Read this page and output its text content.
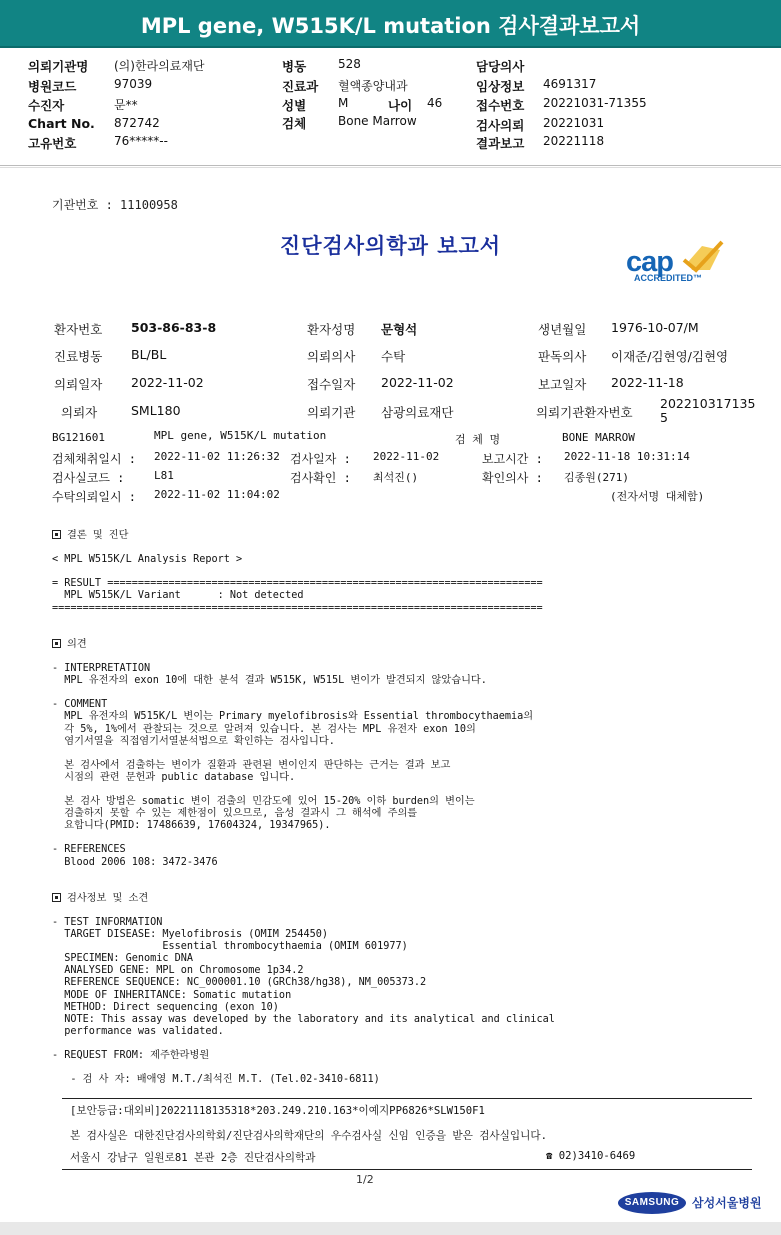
MPL gene, W515K/L mutation 검사결과보고서
의뢰기관명 (의)한라의료재단	병동	528	담당의사
병원코드	97039	진료과 혈액종양내과	임상정보 4691317
수진자	문**	성별	M	나이 46	접수번호 20221031-71355
Chart No. 872742	검체	Bone Marrow	검사의뢰 20221031
고유번호	76*****--	결과보고 20221118
기관번호 : 11100958
진단검사의학과 보고서	cap
ACCREDITED™
환자번호 503-86-83-8	환자성명 문형석	생년월일 1976-10-07/M
진료병동 BL/BL	의뢰의사 수탁	판독의사 이재준/김현영/김현영
의뢰일자 2022-11-02	접수일자 2022-11-02	보고일자 2022-11-18
의뢰자	SML180	의뢰기관 삼광의료재단	의뢰기관환자번호
202210317135
5
BG121601	MPL gene, W515K/L mutation	검 체 명	BONE MARROW
검체채취일시 : 2022-11-02 11:26:32 검사일자 : 2022-11-02	보고시간 : 2022-11-18 10:31:14
검사실코드 :	L81	검사확인 : 최석진()	확인의사 : 김종원(271)
수탁의뢰일시 : 2022-11-02 11:04:02	(전자서명 대체함)
결론 및 진단
< MPL W515K/L Analysis Report >
= RESULT =======================================================================
MPL W515K/L Variant      : Not detected
================================================================================
의견
- INTERPRETATION
MPL 유전자의 exon 10에 대한 분석 결과 W515K, W515L 변이가 발견되지 않았습니다.
- COMMENT
MPL 유전자의 W515K/L 변이는 Primary myelofibrosis와 Essential thrombocythaemia의
각 5%, 1%에서 관찰되는 것으로 알려져 있습니다. 본 검사는 MPL 유전자 exon 10의
염기서열을 직접염기서열분석법으로 확인하는 검사입니다.
본 검사에서 검출하는 변이가 질환과 관련된 변이인지 판단하는 근거는 결과 보고
시점의 관련 문헌과 public database 입니다.
본 검사 방법은 somatic 변이 검출의 민감도에 있어 15-20% 이하 burden의 변이는
검출하지 못할 수 있는 제한점이 있으므로, 음성 결과시 그 해석에 주의를
요합니다(PMID: 17486639, 17604324, 19347965).
- REFERENCES
Blood 2006 108: 3472-3476
검사정보 및 소견
- TEST INFORMATION
TARGET DISEASE: Myelofibrosis (OMIM 254450)
Essential thrombocythaemia (OMIM 601977)
SPECIMEN: Genomic DNA
ANALYSED GENE: MPL on Chromosome 1p34.2
REFERENCE SEQUENCE: NC_000001.10 (GRCh38/hg38), NM_005373.2
MODE OF INHERITANCE: Somatic mutation
METHOD: Direct sequencing (exon 10)
NOTE: This assay was developed by the laboratory and its analytical and clinical
performance was validated.
- REQUEST FROM: 제주한라병원
- 검 사 자: 배애영 M.T./최석진 M.T. (Tel.02-3410-6811)
[보안등급:대외비]20221118135318*203.249.210.163*이예지PP6826*SLW150F1
본 검사실은 대한진단검사의학회/진단검사의학재단의 우수검사실 신임 인증을 받은 검사실입니다.
서울시 강남구 일원로81 본관 2층 진단검사의학과	☎ 02)3410-6469
1/2
SAMSUNG	삼성서울병원
